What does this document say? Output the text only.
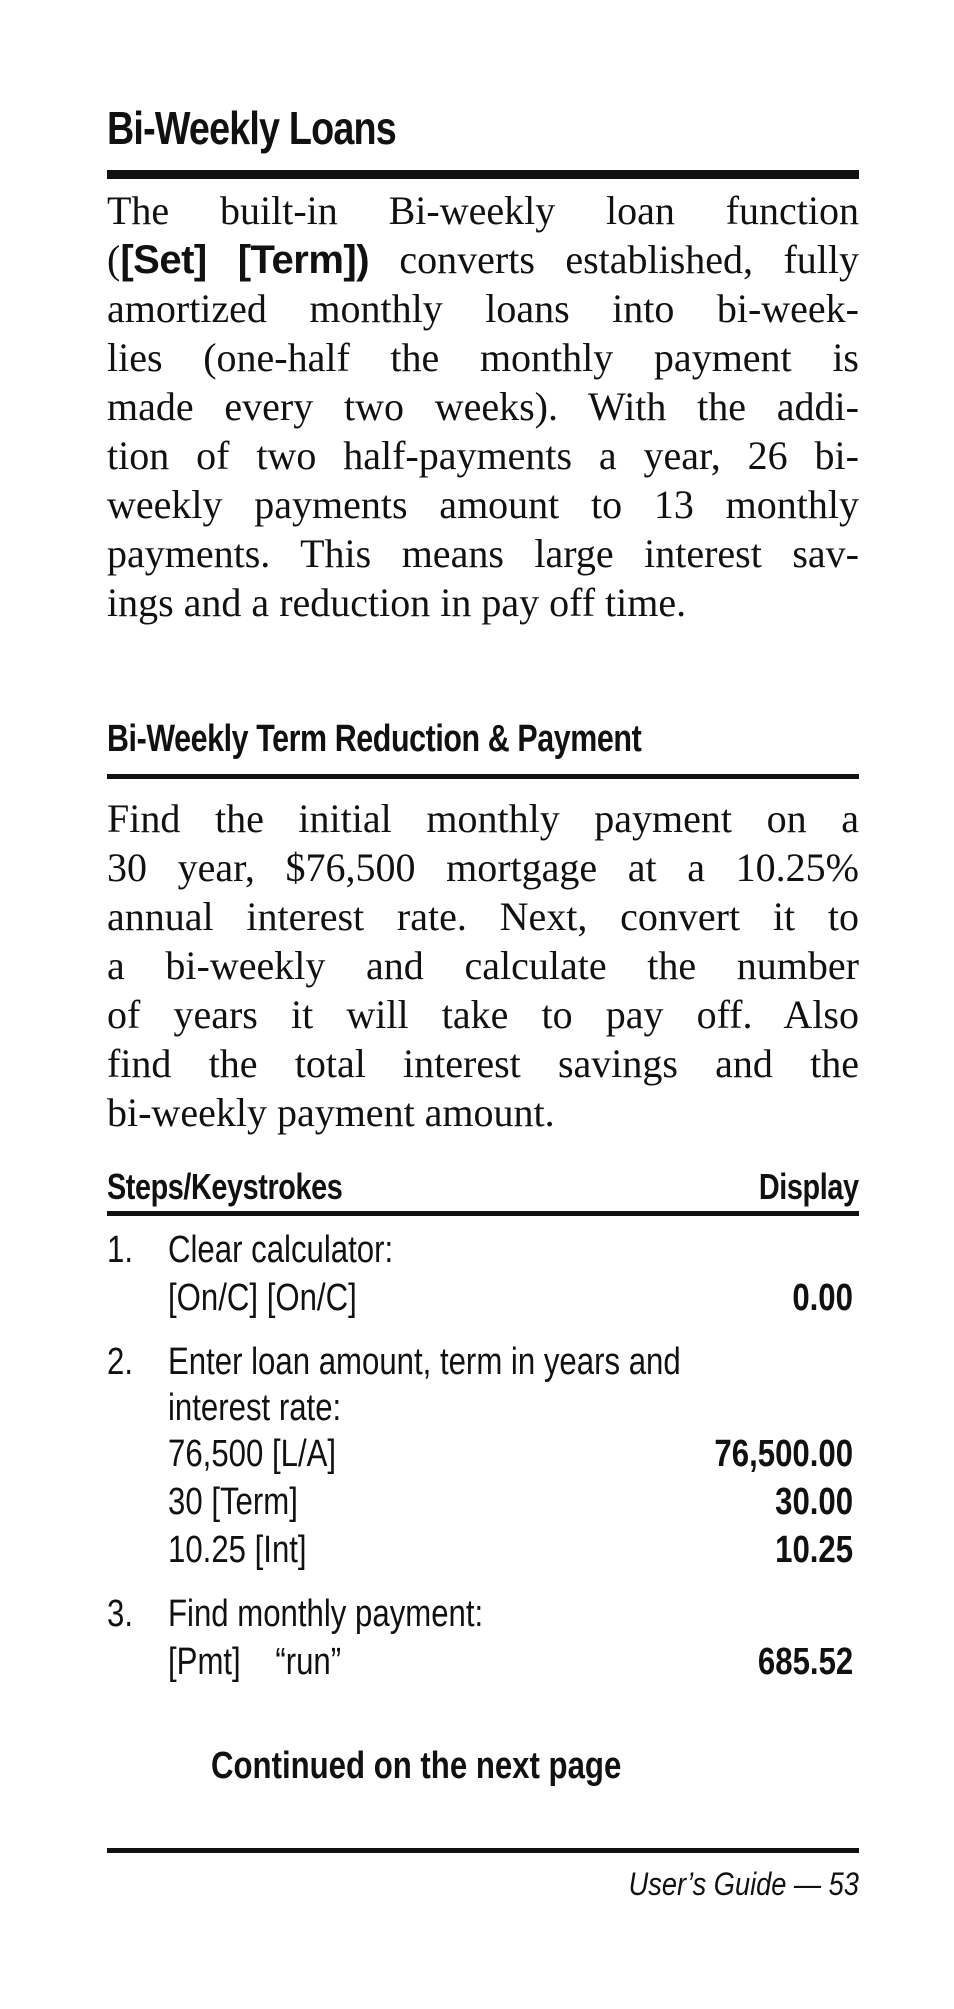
Bi-Weekly Loans
The built-in Bi-weekly loan function
([Set] [Term]) converts established, fully
amortized monthly loans into bi-week-
lies (one-half the monthly payment is
made every two weeks). With the addi-
tion of two half-payments a year, 26 bi-
weekly payments amount to 13 monthly
payments. This means large interest sav-
ings and a reduction in pay off time.
Bi-Weekly Term Reduction & Payment
Find the initial monthly payment on a
30 year, $76,500 mortgage at a 10.25%
annual interest rate. Next, convert it to
a bi-weekly and calculate the number
of years it will take to pay off. Also
find the total interest savings and the
bi-weekly payment amount.
Steps/Keystrokes	Display
1. Clear calculator:
[On/C] [On/C]	0.00
2. Enter loan amount, term in years and
interest rate:
76,500 [L/A]	76,500.00
30 [Term]	30.00
10.25 [Int]	10.25
3. Find monthly payment:
[Pmt]    “run”	685.52
Continued on the next page
User’s Guide — 53
